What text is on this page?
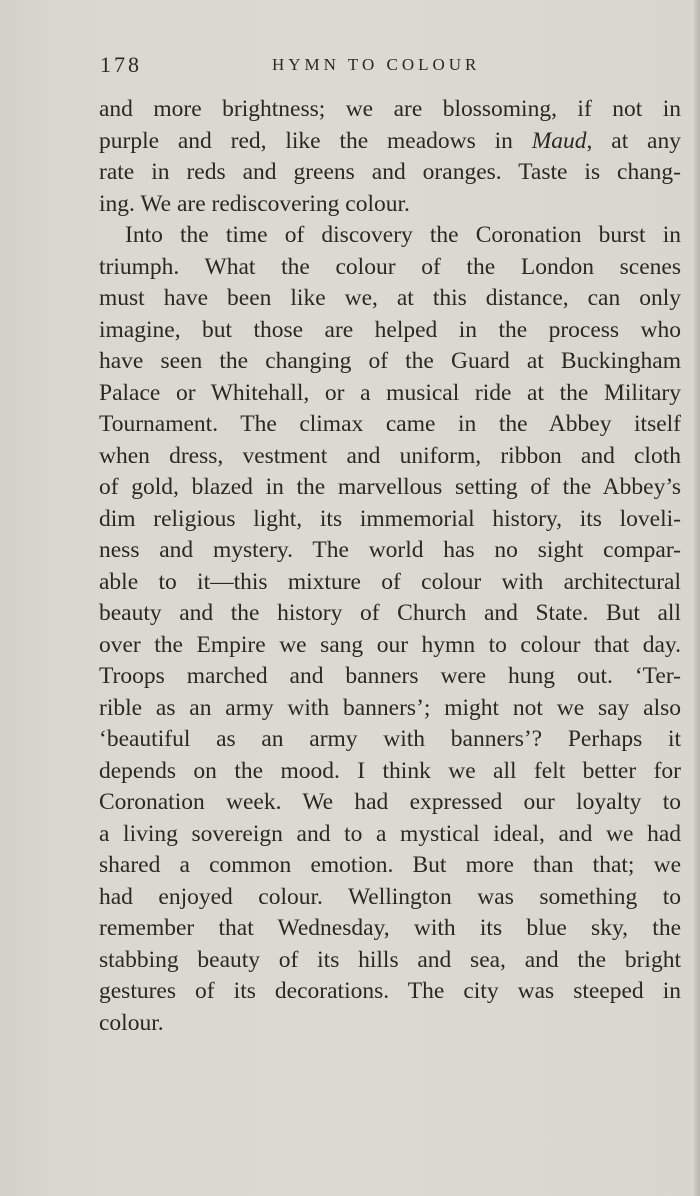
178	HYMN TO COLOUR
and more brightness; we are blossoming, if not in
purple and red, like the meadows in Maud, at any
rate in reds and greens and oranges. Taste is chang-
ing. We are rediscovering colour.
Into the time of discovery the Coronation burst in
triumph. What the colour of the London scenes
must have been like we, at this distance, can only
imagine, but those are helped in the process who
have seen the changing of the Guard at Buckingham
Palace or Whitehall, or a musical ride at the Military
Tournament. The climax came in the Abbey itself
when dress, vestment and uniform, ribbon and cloth
of gold, blazed in the marvellous setting of the Abbey’s
dim religious light, its immemorial history, its loveli-
ness and mystery. The world has no sight compar-
able to it—this mixture of colour with architectural
beauty and the history of Church and State. But all
over the Empire we sang our hymn to colour that day.
Troops marched and banners were hung out. ‘Ter-
rible as an army with banners’; might not we say also
‘beautiful as an army with banners’? Perhaps it
depends on the mood. I think we all felt better for
Coronation week. We had expressed our loyalty to
a living sovereign and to a mystical ideal, and we had
shared a common emotion. But more than that; we
had enjoyed colour. Wellington was something to
remember that Wednesday, with its blue sky, the
stabbing beauty of its hills and sea, and the bright
gestures of its decorations. The city was steeped in
colour.
